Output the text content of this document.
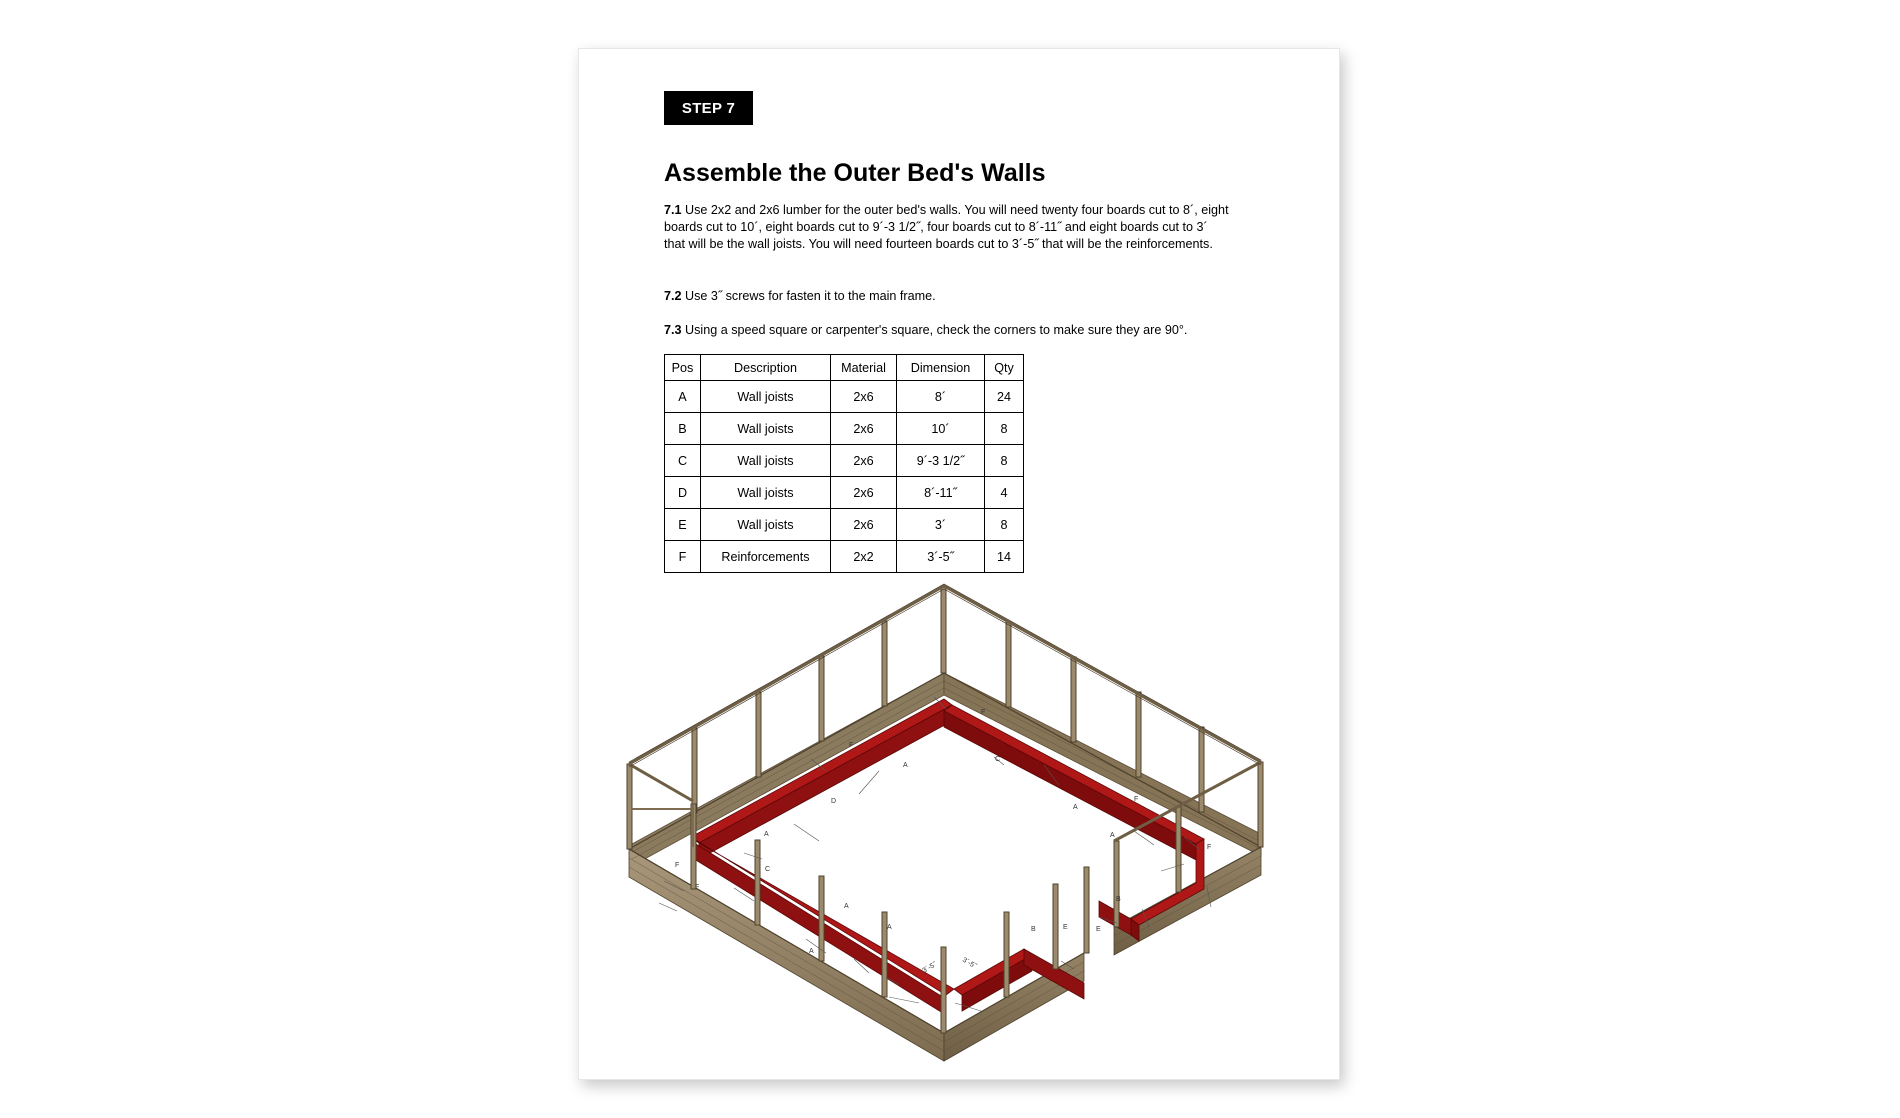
STEP 7
Assemble the Outer Bed's Walls

7.1 Use 2x2 and 2x6 lumber for the outer bed's walls. You will need twenty four boards cut to 8´, eight boards cut to 10´, eight boards cut to 9´-3 1/2˝, four boards cut to 8´-11˝ and eight boards cut to 3´ that will be the wall joists. You will need fourteen boards cut to 3´-5˝ that will be the reinforcements.

7.2 Use 3˝ screws for fasten it to the main frame.

7.3 Using a speed square or carpenter's square, check the corners to make sure they are 90°.

Pos	Description	Material	Dimension	Qty
A	Wall joists	2x6	8´	24
B	Wall joists	2x6	10´	8
C	Wall joists	2x6	9´-3 1/2˝	8
D	Wall joists	2x6	8´-11˝	4
E	Wall joists	2x6	3´	8
F	Reinforcements	2x2	3´-5˝	14
A
A
A
A
A
A
A
B
B
C
C
D
E	E
F
F
F
F
F
F
3´-5˝	3´-5˝
